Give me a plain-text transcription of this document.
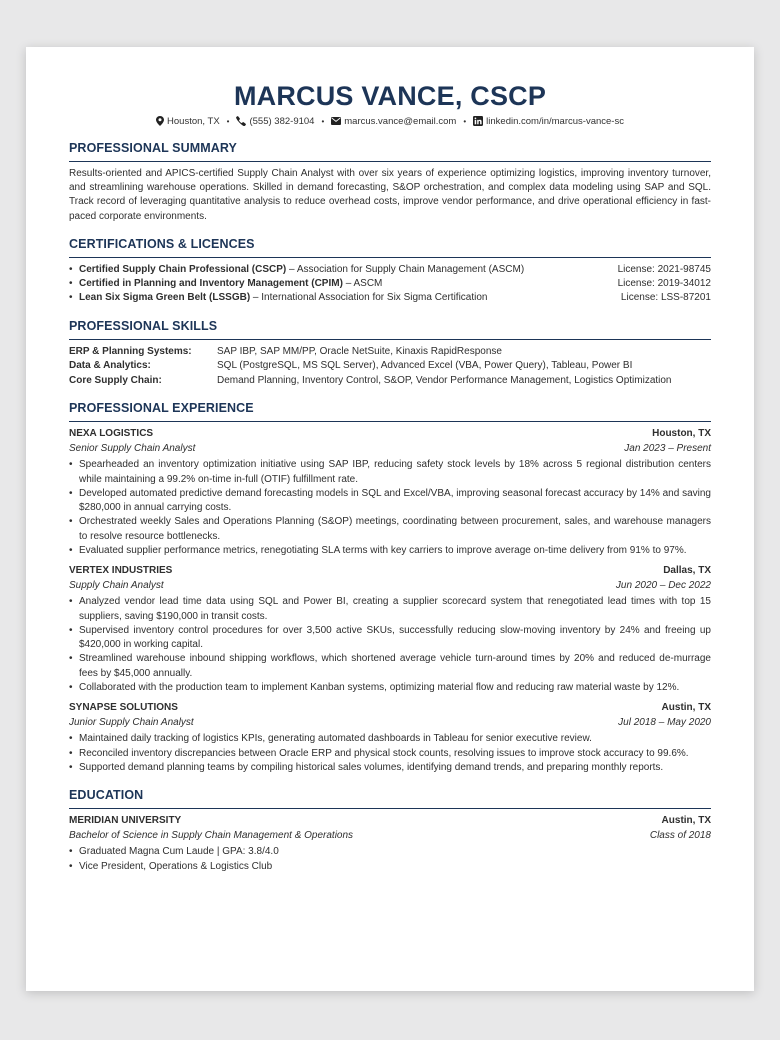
MARCUS VANCE, CSCP
Houston, TX • (555) 382-9104 • marcus.vance@email.com • linkedin.com/in/marcus-vance-sc
PROFESSIONAL SUMMARY

Results-oriented and APICS-certified Supply Chain Analyst with over six years of experience optimizing logistics, improving inventory turnover, and streamlining warehouse operations. Skilled in demand forecasting, S&OP orchestration, and complex data modeling using SAP and SQL. Track record of leveraging quantitative analysis to reduce overhead costs, improve vendor performance, and drive operational efficiency in fast-paced corporate environments.

CERTIFICATIONS & LICENCES
• Certified Supply Chain Professional (CSCP) – Association for Supply Chain Management (ASCM)	License: 2021-98745
• Certified in Planning and Inventory Management (CPIM) – ASCM	License: 2019-34012
• Lean Six Sigma Green Belt (LSSGB) – International Association for Six Sigma Certification	License: LSS-87201
PROFESSIONAL SKILLS
ERP & Planning Systems:	SAP IBP, SAP MM/PP, Oracle NetSuite, Kinaxis RapidResponse
Data & Analytics:	SQL (PostgreSQL, MS SQL Server), Advanced Excel (VBA, Power Query), Tableau, Power BI
Core Supply Chain:	Demand Planning, Inventory Control, S&OP, Vendor Performance Management, Logistics Optimization
PROFESSIONAL EXPERIENCE
NEXA LOGISTICS	Houston, TX
Senior Supply Chain Analyst	Jan 2023 – Present
• Spearheaded an inventory optimization initiative using SAP IBP, reducing safety stock levels by 18% across 5 regional distribution centers while maintaining a 99.2% on-time in-full (OTIF) fulfillment rate.
• Developed automated predictive demand forecasting models in SQL and Excel/VBA, improving seasonal forecast accuracy by 14% and saving $280,000 in annual carrying costs.
• Orchestrated weekly Sales and Operations Planning (S&OP) meetings, coordinating between procurement, sales, and warehouse managers to resolve resource bottlenecks.
• Evaluated supplier performance metrics, renegotiating SLA terms with key carriers to improve average on-time delivery from 91% to 97%.
VERTEX INDUSTRIES	Dallas, TX
Supply Chain Analyst	Jun 2020 – Dec 2022
• Analyzed vendor lead time data using SQL and Power BI, creating a supplier scorecard system that renegotiated lead times with top 15 suppliers, saving $190,000 in transit costs.
• Supervised inventory control procedures for over 3,500 active SKUs, successfully reducing slow-moving inventory by 24% and freeing up $420,000 in working capital.
• Streamlined warehouse inbound shipping workflows, which shortened average vehicle turn-around times by 20% and reduced de-murrage fees by $45,000 annually.
• Collaborated with the production team to implement Kanban systems, optimizing material flow and reducing raw material waste by 12%.
SYNAPSE SOLUTIONS	Austin, TX
Junior Supply Chain Analyst	Jul 2018 – May 2020
• Maintained daily tracking of logistics KPIs, generating automated dashboards in Tableau for senior executive review.
• Reconciled inventory discrepancies between Oracle ERP and physical stock counts, resolving issues to improve stock accuracy to 99.6%.
• Supported demand planning teams by compiling historical sales volumes, identifying demand trends, and preparing monthly reports.
EDUCATION
MERIDIAN UNIVERSITY	Austin, TX
Bachelor of Science in Supply Chain Management & Operations	Class of 2018
• Graduated Magna Cum Laude | GPA: 3.8/4.0
• Vice President, Operations & Logistics Club
